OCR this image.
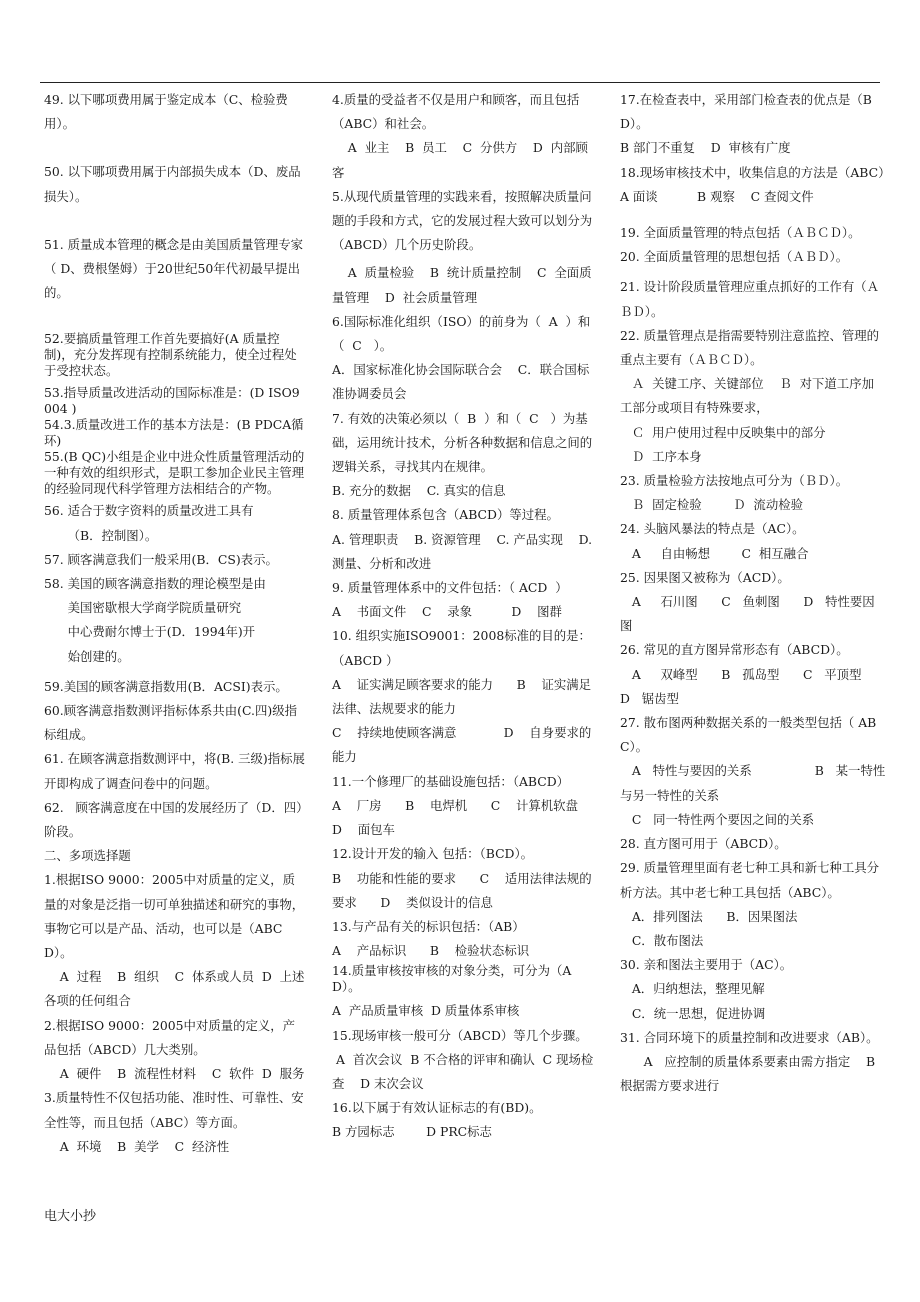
49. 以下哪项费用属于鉴定成本（C、检验费用）。

50. 以下哪项费用属于内部损失成本（D、废品损失）。

51. 质量成本管理的概念是由美国质量管理专家（ D、费根堡姆）于20世纪50年代初最早提出的。

52.要搞质量管理工作首先要搞好(A 质量控制)，充分发挥现有控制系统能力，使全过程处于受控状态。

53.指导质量改进活动的国际标准是：(D ISO9004 )

54.3.质量改进工作的基本方法是：(B PDCA循环)

55.(B QC)小组是企业中进众性质量管理活动的一种有效的组织形式，是职工参加企业民主管理的经验同现代科学管理方法相结合的产物。

56. 适合于数字资料的质量改进工具有

（B．控制图）。

57. 顾客满意我们一般采用(B．CS)表示。

58. 美国的顾客满意指数的理论模型是由

美国密歇根大学商学院质量研究

中心费耐尔博士于(D．1994年)开

始创建的。

59.美国的顾客满意指数用(B．ACSI)表示。

60.顾客满意指数测评指标体系共由(C.四)级指标组成。

61. 在顾客满意指数测评中，将(B. 三级)指标展开即构成了调查问卷中的问题。

62.   顾客满意度在中国的发展经历了（D．四）阶段。

二、多项选择题

1.根据ISO 9000：2005中对质量的定义，质量的对象是泛指一切可单独描述和研究的事物，事物它可以是产品、活动，也可以是（ABCD）。

A  过程    B  组织    C  体系或人员  D  上述各项的任何组合

2.根据ISO 9000：2005中对质量的定义，产品包括（ABCD）几大类别。

A  硬件    B  流程性材料    C  软件  D  服务

3.质量特性不仅包括功能、准时性、可靠性、安全性等，而且包括（ABC）等方面。

A  环境    B  美学    C  经济性

4.质量的受益者不仅是用户和顾客，而且包括（ABC）和社会。

A  业主    B  员工    C  分供方    D  内部顾客

5.从现代质量管理的实践来看，按照解决质量问题的手段和方式，它的发展过程大致可以划分为（ABCD）几个历史阶段。

A  质量检验    B  统计质量控制    C  全面质量管理    D  社会质量管理

6.国际标准化组织（ISO）的前身为（  A  ）和（  C   ）。

A．国家标准化协会国际联合会    C．联合国标准协调委员会

7. 有效的决策必须以（  B  ）和（  C   ）为基础，运用统计技术，分析各种数据和信息之间的逻辑关系，寻找其内在规律。

B. 充分的数据    C. 真实的信息

8. 质量管理体系包含（ABCD）等过程。

A. 管理职责    B. 资源管理    C. 产品实现    D. 测量、分析和改进

9. 质量管理体系中的文件包括：（ ACD  ）

A    书面文件    C    录象          D    图群

10. 组织实施ISO9001：2008标准的目的是：（ABCD ）

A    证实满足顾客要求的能力      B    证实满足法律、法规要求的能力

C    持续地使顾客满意            D    自身要求的能力

11.一个修理厂的基础设施包括：（ABCD）

A    厂房      B    电焊机      C    计算机软盘    D    面包车

12.设计开发的输入 包括：（BCD）。

B    功能和性能的要求      C    适用法律法规的要求      D    类似设计的信息

13.与产品有关的标识包括：（AB）

A    产品标识      B    检验状态标识

14.质量审核按审核的对象分类，可分为（AD）。

A  产品质量审核  D 质量体系审核

15.现场审核一般可分（ABCD）等几个步骤。

A  首次会议  B 不合格的评审和确认  C 现场检查    D 末次会议

16.以下属于有效认证标志的有(BD)。

B 方园标志        D PRC标志

17.在检查表中，采用部门检查表的优点是（BD）。

B 部门不重复    D  审核有广度

18.现场审核技术中，收集信息的方法是（ABC）

A 面谈          B 观察    C 查阅文件

19. 全面质量管理的特点包括（ＡＢＣＤ）。

20. 全面质量管理的思想包括（ＡＢＤ）。

21. 设计阶段质量管理应重点抓好的工作有（ＡＢＤ）。

22. 质量管理点是指需要特别注意监控、管理的重点主要有（ＡＢＣＤ）。

Ａ  关键工序、关键部位    Ｂ  对下道工序加工部分或项目有特殊要求，

Ｃ  用户使用过程中反映集中的部分

Ｄ  工序本身

23. 质量检验方法按地点可分为（ＢＤ）。

Ｂ  固定检验        Ｄ  流动检验

24. 头脑风暴法的特点是（AC）。

A     自由畅想        C  相互融合

25. 因果图又被称为（ACD）。

A     石川图      C   鱼刺图      D   特性要因图

26. 常见的直方图异常形态有（ABCD）。

A     双峰型      B   孤岛型      C   平顶型      D   锯齿型

27. 散布图两种数据关系的一般类型包括（ ABC）。

A   特性与要因的关系                B   某一特性与另一特性的关系

C   同一特性两个要因之间的关系

28. 直方图可用于（ABCD）。

29. 质量管理里面有老七种工具和新七种工具分析方法。其中老七种工具包括（ABC）。

A．排列图法      B．因果图法

C．散布图法

30. 亲和图法主要用于（AC）。

A．归纳想法，整理见解

C．统一思想，促进协调

31. 合同环境下的质量控制和改进要求（AB）。

A   应控制的质量体系要素由需方指定    B   根据需方要求进行

电大小抄
